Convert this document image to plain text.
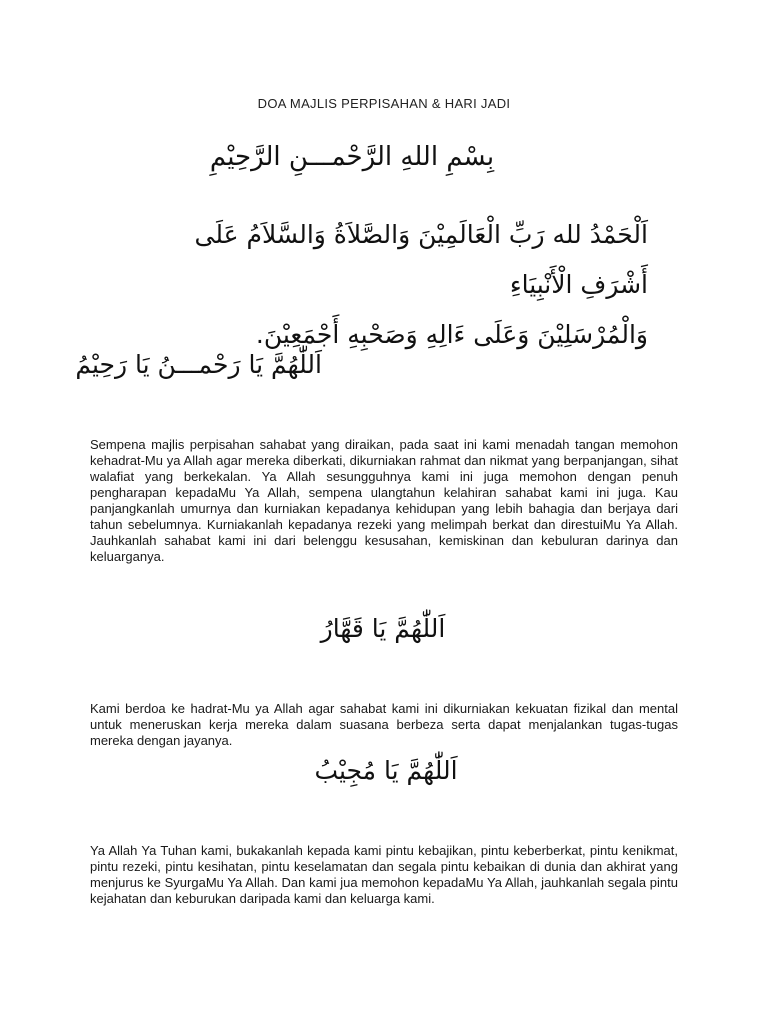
DOA MAJLIS PERPISAHAN & HARI JADI
بِسْمِ اللهِ الرَّحْمـــنِ الرَّحِيْمِ
اَلْحَمْدُ لله رَبِّ الْعَالَمِيْنَ وَالصَّلاَةُ وَالسَّلاَمُ عَلَى أَشْرَفِ الْأَنْبِيَاءِ
وَالْمُرْسَلِيْنَ وَعَلَى ءَالِهِ وَصَحْبِهِ أَجْمَعِيْنَ.
اَللّٰهُمَّ يَا رَحْمـــنُ يَا رَحِيْمُ

Sempena majlis perpisahan sahabat yang diraikan, pada saat ini kami menadah tangan memohon kehadrat-Mu ya Allah agar mereka diberkati, dikurniakan rahmat dan nikmat yang berpanjangan, sihat walafiat yang berkekalan. Ya Allah sesungguhnya kami ini juga memohon dengan penuh pengharapan kepadaMu Ya Allah, sempena ulangtahun kelahiran sahabat kami ini juga. Kau panjangkanlah umurnya dan kurniakan kepadanya kehidupan yang lebih bahagia dan berjaya dari tahun sebelumnya. Kurniakanlah kepadanya rezeki yang melimpah berkat dan direstuiMu Ya Allah. Jauhkanlah sahabat kami ini dari belenggu kesusahan, kemiskinan dan kebuluran darinya dan keluarganya.

اَللّٰهُمَّ يَا قَهَّارُ

Kami berdoa ke hadrat-Mu ya Allah agar sahabat kami ini dikurniakan kekuatan fizikal dan mental untuk meneruskan kerja mereka dalam suasana berbeza serta dapat menjalankan tugas-tugas mereka dengan jayanya.

اَللّٰهُمَّ يَا مُجِيْبُ

Ya Allah Ya Tuhan kami, bukakanlah kepada kami pintu kebajikan, pintu keberberkat, pintu kenikmat, pintu rezeki, pintu kesihatan, pintu keselamatan dan segala pintu kebaikan di dunia dan akhirat yang menjurus ke SyurgaMu Ya Allah. Dan kami jua memohon kepadaMu Ya Allah, jauhkanlah segala pintu kejahatan dan keburukan daripada kami dan keluarga kami.
